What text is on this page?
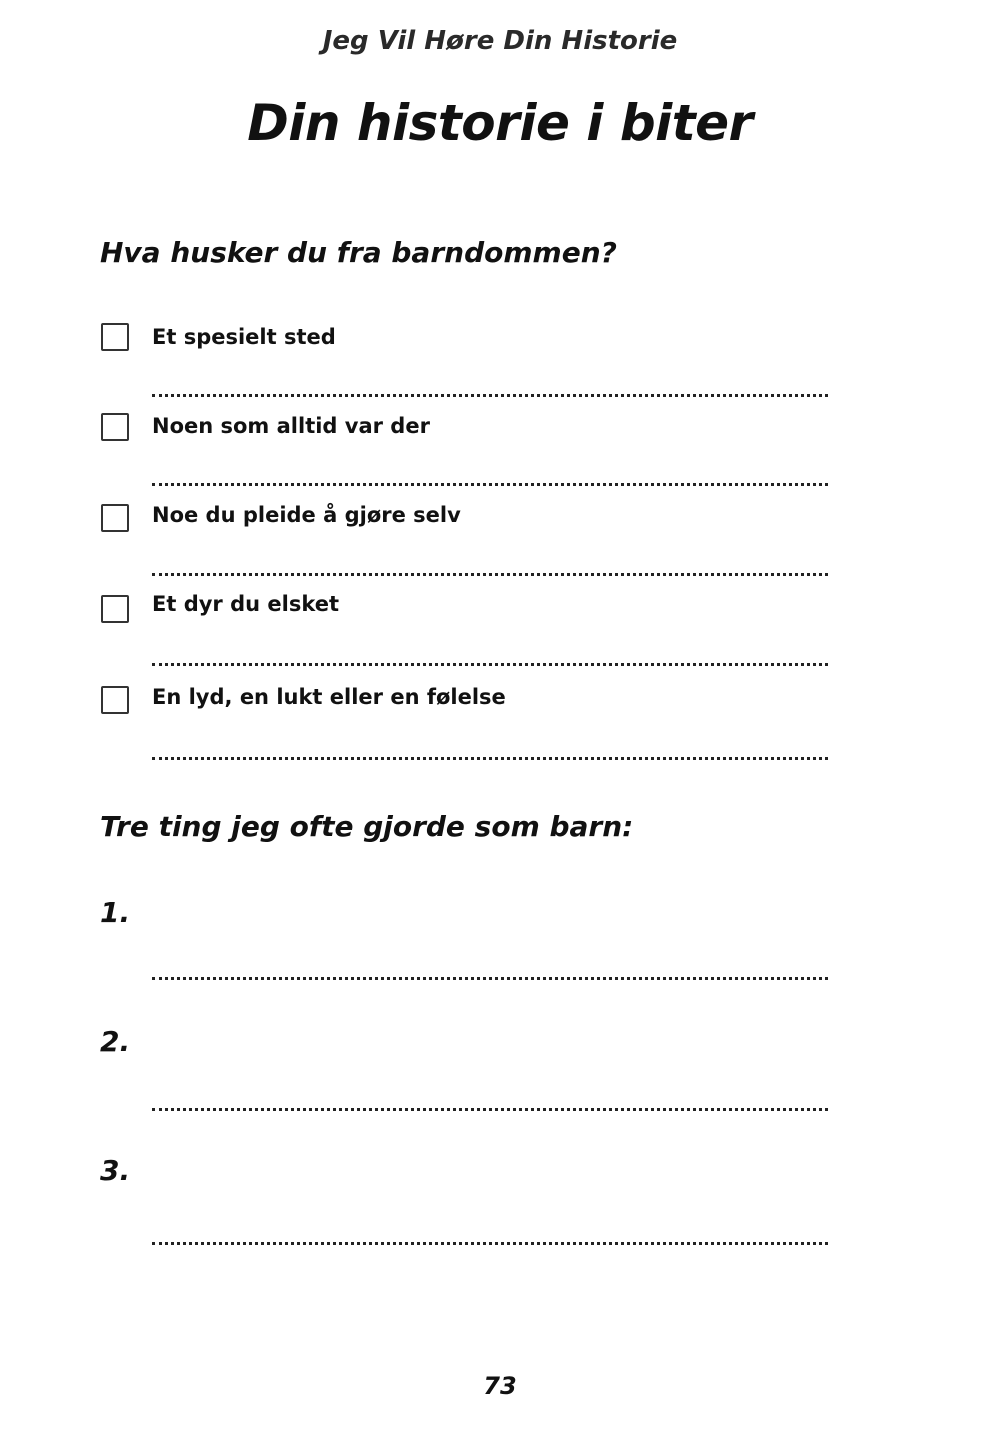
Jeg Vil Høre Din Historie
Din historie i biter
Hva husker du fra barndommen?
Et spesielt sted
Noen som alltid var der
Noe du pleide å gjøre selv
Et dyr du elsket
En lyd, en lukt eller en følelse
Tre ting jeg ofte gjorde som barn:
1.
2.
3.
73
